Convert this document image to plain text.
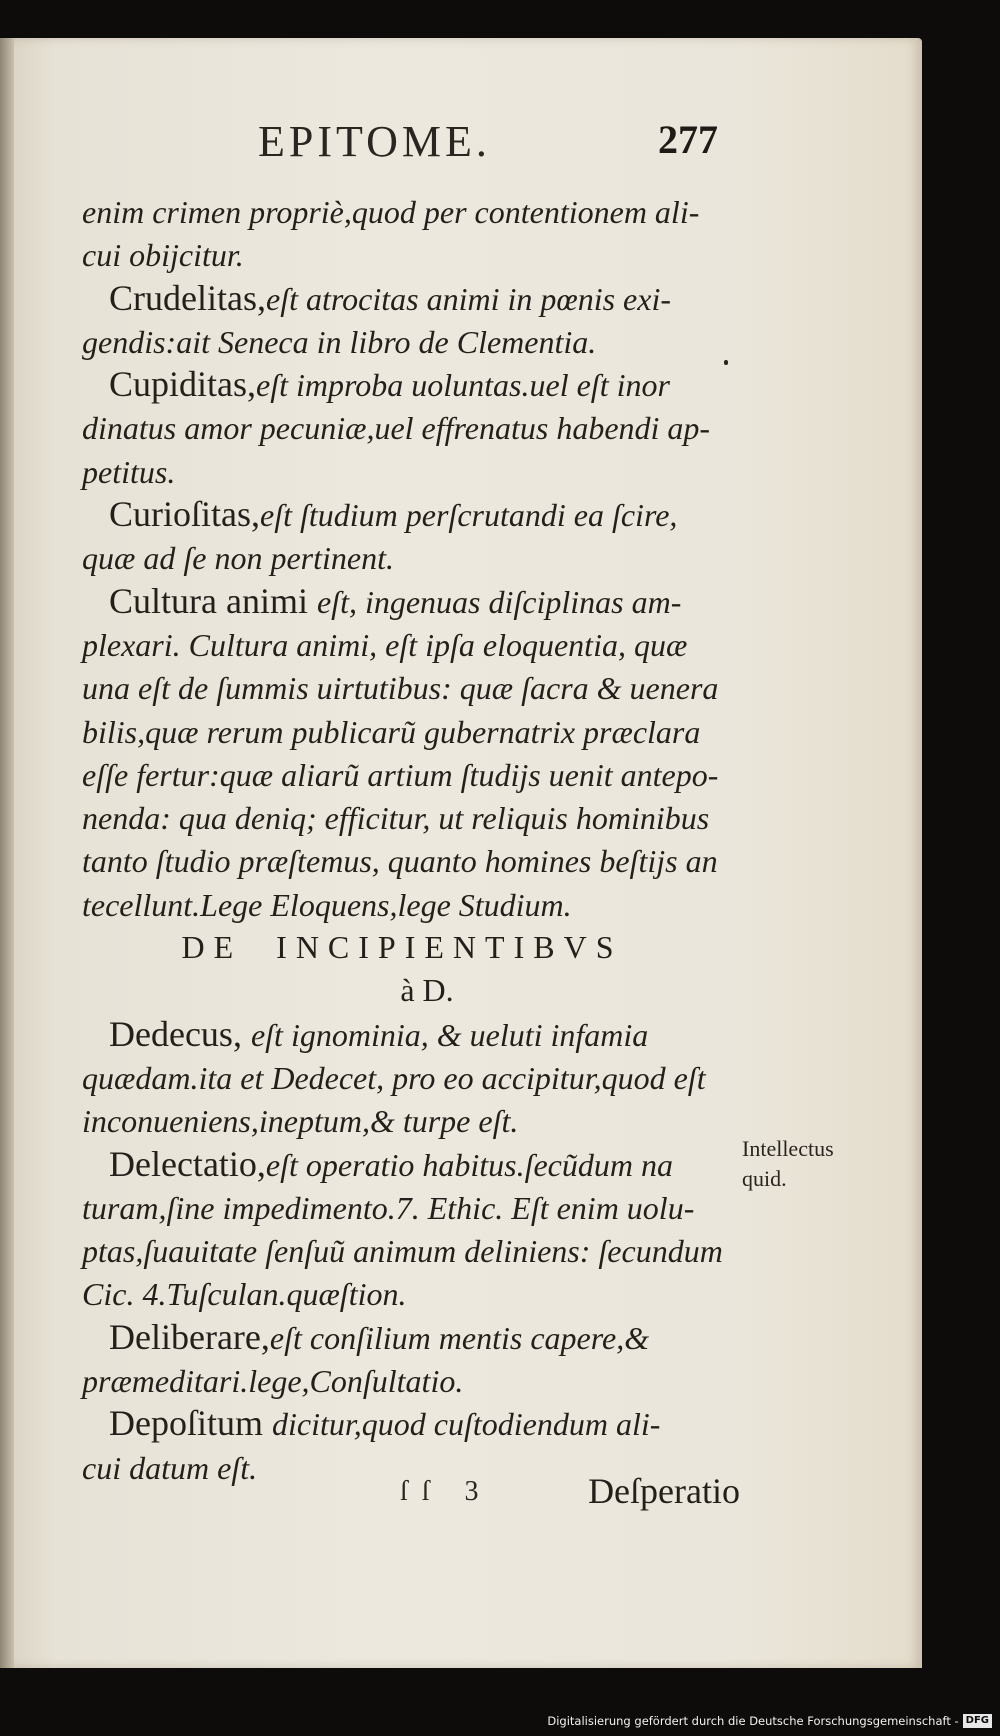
EPITOME.	277
enim crimen propriè,quod per contentionem ali‑
cui obijcitur.
Crudelitas,eſt atrocitas animi in pœnis exi‑
gendis:ait Seneca in libro de Clementia.
Cupiditas,eſt improba uoluntas.uel eſt inor
dinatus amor pecuniæ,uel effrenatus habendi ap‑
petitus.
Curioſitas,eſt ſtudium perſcrutandi ea ſcire,
quæ ad ſe non pertinent.
Cultura animi eſt, ingenuas diſciplinas am‑
plexari. Cultura animi, eſt ipſa eloquentia, quæ
una eſt de ſummis uirtutibus: quæ ſacra & uenera
bilis,quæ rerum publicarũ gubernatrix præclara
eſſe fertur:quæ aliarũ artium ſtudijs uenit antepo‑
nenda: qua deniq; efficitur, ut reliquis hominibus
tanto ſtudio præſtemus, quanto homines beſtijs an
tecellunt.Lege Eloquens,lege Studium.
DE  INCIPIENTIBVS
à D.
Dedecus, eſt ignominia, & ueluti infamia
quædam.ita et Dedecet, pro eo accipitur,quod eſt
inconueniens,ineptum,& turpe eſt.
Delectatio,eſt operatio habitus.ſecũdum na
turam,ſine impedimento.7. Ethic. Eſt enim uolu‑
ptas,ſuauitate ſenſuũ animum deliniens: ſecundum
Cic. 4.Tuſculan.quæſtion.
Deliberare,eſt conſilium mentis capere,&
præmeditari.lege,Conſultatio.
Depoſitum dicitur,quod cuſtodiendum ali‑
cui datum eſt.
Intellectus
quid.
ſſ 3	Deſperatio
Digitalisierung gefördert durch die Deutsche Forschungsgemeinschaft - DFG
